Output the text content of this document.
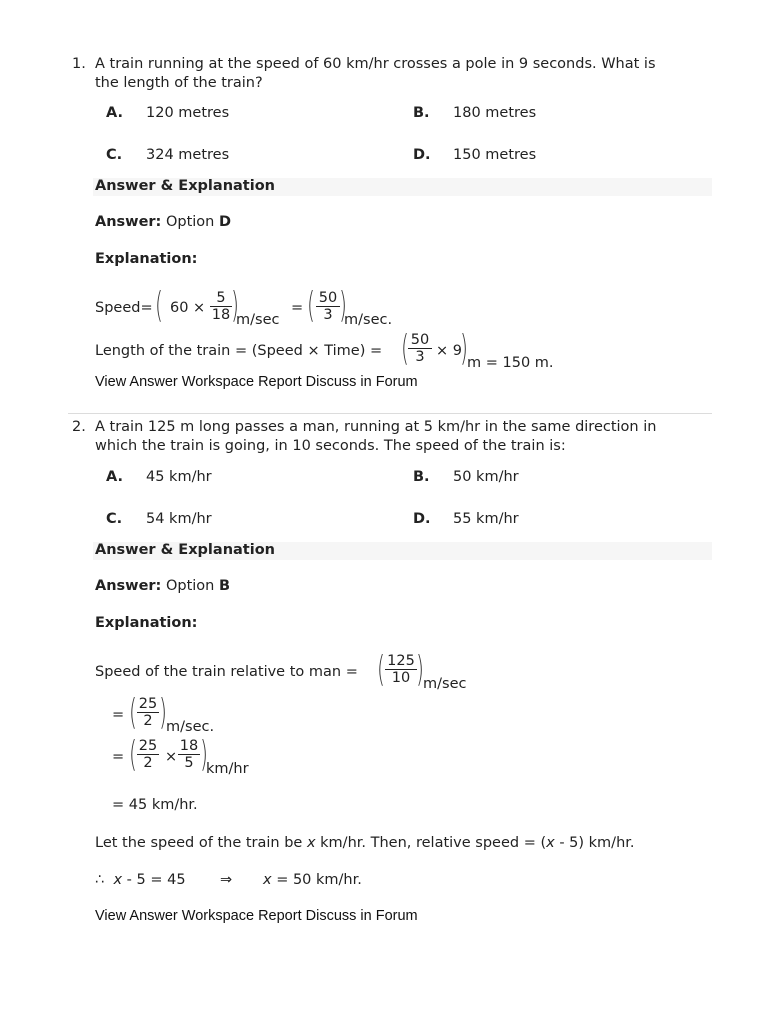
1. A train running at the speed of 60 km/hr crosses a pole in 9 seconds. What is
the length of the train?
A. 120 metres	B. 180 metres
C. 324 metres	D. 150 metres
Answer & Explanation
Answer: Option D
Explanation:
Speed= ( $60 \times \frac{5}{18}$ )
m/sec
= ( $\frac{50}{3}$ )
m/sec.
Length of the train = (Speed × Time) = ( $\frac{50}{3} \times 9$
) m = 150 m.
View Answer Workspace Report Discuss in Forum
2. A train 125 m long passes a man, running at 5 km/hr in the same direction in
which the train is going, in 10 seconds. The speed of the train is:
A. 45 km/hr	B. 50 km/hr
C. 54 km/hr	D. 55 km/hr
Answer & Explanation
Answer: Option B
Explanation:
Speed of the train relative to man = ( $\frac{125}{10}$ ) m/sec
= ( $\frac{25}{2}$ ) m/sec.
= ( $\frac{25}{2} \times \frac{18}{5}$ )
km/hr
= 45 km/hr.
Let the speed of the train be x km/hr. Then, relative speed = (x - 5) km/hr.
∴ x - 5 = 45 ⇒ x = 50 km/hr.
View Answer Workspace Report Discuss in Forum
